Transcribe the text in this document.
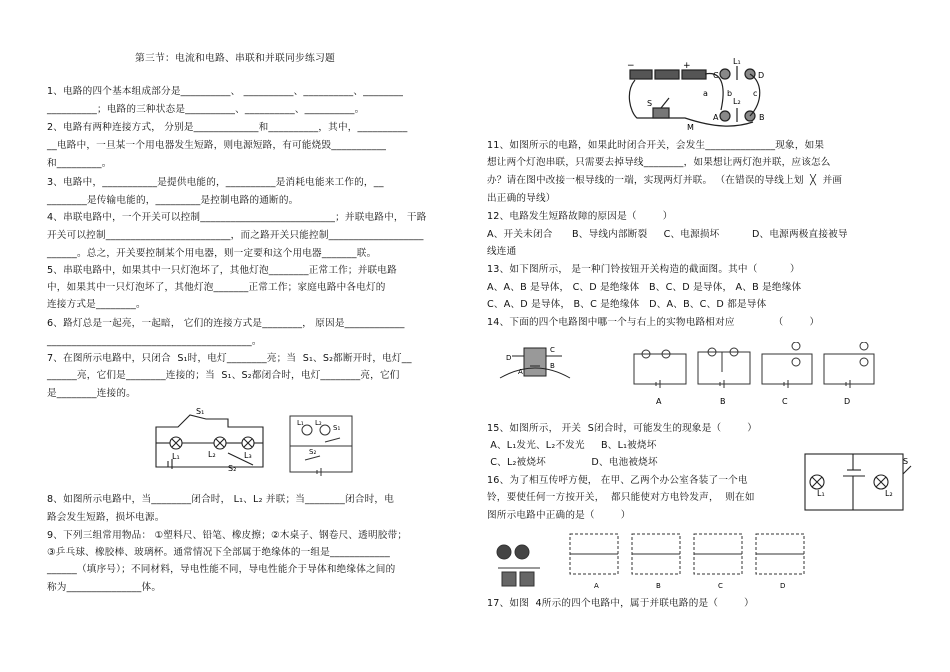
第三节：电流和电路、串联和并联同步练习题
1、电路的四个基本组成部分是__________、 __________、__________、________
__________；电路的三种状态是__________、__________、__________。
2、电路有两种连接方式， 分别是_____________和__________，其中，__________
__电路中，一旦某一个用电器发生短路，则电源短路，有可能烧毁___________
和_________。
3、电路中，___________是提供电能的，__________是消耗电能来工作的，__
________是传输电能的，_________是控制电路的通断的。
4、串联电路中，一个开关可以控制___________________________；并联电路中， 干路
开关可以控制_________________________，而之路开关只能控制___________________
______。总之，开关要控制某个用电器，则一定要和这个用电器_______联。
5、串联电路中，如果其中一只灯泡坏了，其他灯泡________正常工作；并联电路
中，如果其中一只灯泡坏了，其他灯泡_______正常工作；家庭电路中各电灯的
连接方式是________。
6、路灯总是一起亮，一起暗， 它们的连接方式是________， 原因是____________
_________________________________________。
7、在图所示电路中，只闭合  S₁时，电灯________亮；当  S₁、S₂都断开时，电灯__
______亮，它们是________连接的；当  S₁、S₂都闭合时，电灯________亮，它们
是________连接的。
S₁
L₁	L₂	L₃
S₂
L₁ L₂
S₁
S₂
8、如图所示电路中，当________闭合时， L₁、L₂ 并联；当________闭合时，电
路会发生短路，损坏电源。
9、下列三组常用物品： ①塑料尺、铅笔、橡皮擦；②木桌子、钢卷尺、透明胶带；
③乒乓球、橡胶棒、玻璃杯。通常情况下全部属于绝缘体的一组是____________
______（填序号）；不同材料，导电性能不同，导电性能介于导体和绝缘体之间的
称为_______________体。
−	+	L₁
L₂
C	D
a b	c
A	B
M
S
11、如图所示的电路，如果此时闭合开关，会发生______________现象，如果
想让两个灯泡串联，只需要去掉导线________，如果想让两灯泡并联，应该怎么
办？请在图中改接一根导线的一端，实现两灯并联。 （在错误的导线上划  ╳  并画
出正确的导线）
12、电路发生短路故障的原因是（        ）
A、开关未闭合      B、导线内部断裂     C、电源损坏          D、电源两极直接被导
线连通
13、如下图所示， 是一种门铃按钮开关构造的截面图。其中（          ）
A、A、B 是导体， C、D 是绝缘体   B、C、D 是导体， A、B 是绝缘体
C、A、D 是导体， B、C 是绝缘体   D、A、B、C、D 都是导体
14、下面的四个电路图中哪一个与右上的实物电路相对应            （        ）
D
C
B
A
A	B	C	D
15、如图所示， 开关  S闭合时，可能发生的现象是（        ）
A、L₁发光、L₂不发光     B、L₁被烧坏
C、L₂被烧坏              D、电池被烧坏
L₁	L₂
S
16、为了相互传呼方便， 在甲、乙两个办公室各装了一个电
铃，要使任何一方按开关，  都只能使对方电铃发声，  则在如
图所示电路中正确的是（        ）
A	B	C	D
17、如图  4所示的四个电路中，属于并联电路的是（        ）
